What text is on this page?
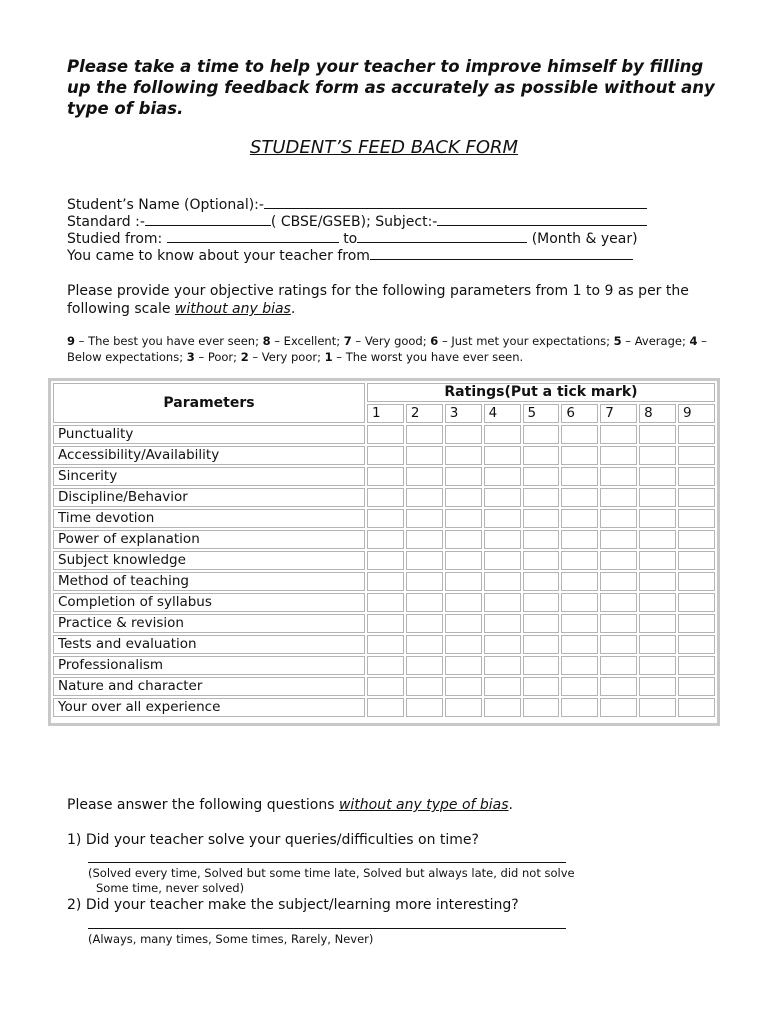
Please take a time to help your teacher to improve himself by filling up the following feedback form as accurately as possible without any type of bias.
STUDENT’S FEED BACK FORM
Student’s Name (Optional):-
Standard :-	( CBSE/GSEB); Subject:-
Studied from:	to	(Month & year)
You came to know about your teacher from
Please provide your objective ratings for the following parameters from 1 to 9 as per the following scale without any bias.
9 – The best you have ever seen; 8 – Excellent; 7 – Very good; 6 – Just met your expectations; 5 – Average; 4 – Below expectations; 3 – Poor; 2 – Very poor; 1 – The worst you have ever seen.
Parameters	Ratings(Put a tick mark)								
	1	2	3	4	5	6	7	8	9
Punctuality									
Accessibility/Availability									
Sincerity									
Discipline/Behavior									
Time devotion									
Power of explanation									
Subject knowledge									
Method of teaching									
Completion of syllabus									
Practice & revision									
Tests and evaluation									
Professionalism									
Nature and character									
Your over all experience									
Please answer the following questions without any type of bias.
1) Did your teacher solve your queries/difficulties on time?
(Solved every time, Solved but some time late, Solved but always late, did not solve
Some time, never solved)
2) Did your teacher make the subject/learning more interesting?
(Always, many times, Some times, Rarely, Never)
